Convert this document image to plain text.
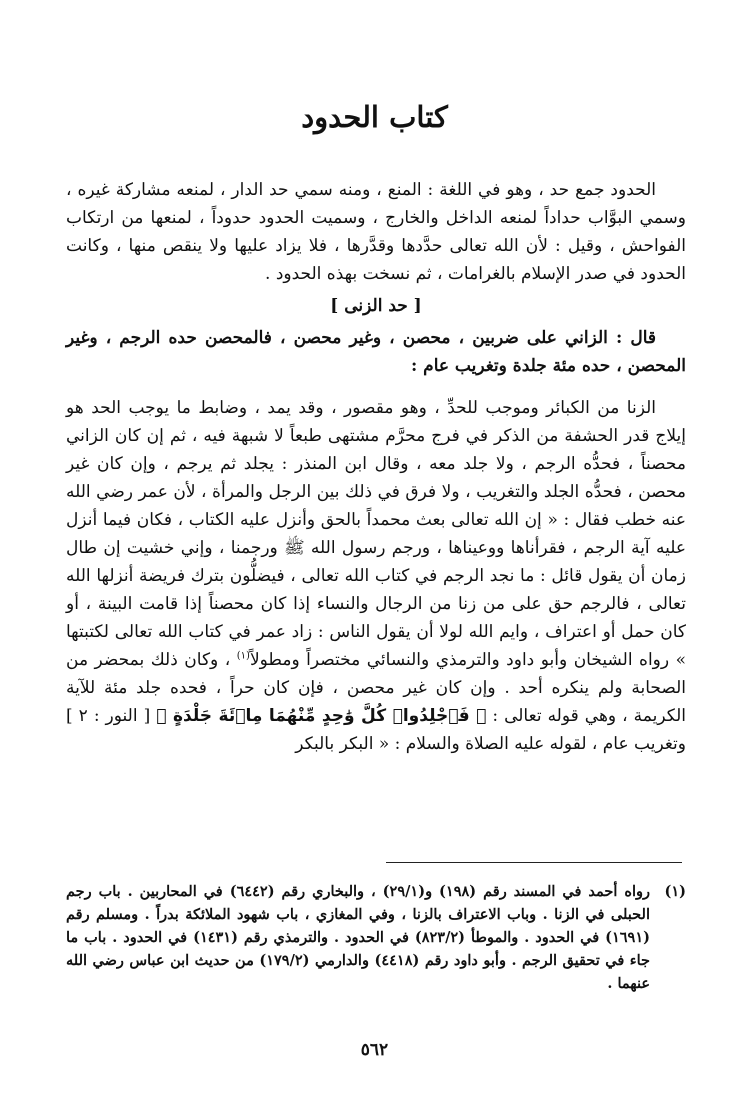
كتاب الحدود

الحدود جمع حد ، وهو في اللغة : المنع ، ومنه سمي حد الدار ، لمنعه مشاركة غيره ، وسمي البوَّاب حداداً لمنعه الداخل والخارج ، وسميت الحدود حدوداً ، لمنعها من ارتكاب الفواحش ، وقيل : لأن الله تعالى حدَّدها وقدَّرها ، فلا يزاد عليها ولا ينقص منها ، وكانت الحدود في صدر الإسلام بالغرامات ، ثم نسخت بهذه الحدود .

[ حد الزنى ]

قال : الزاني على ضربين ، محصن ، وغير محصن ، فالمحصن حده الرجم ، وغير المحصن ، حده مئة جلدة وتغريب عام :

الزنا من الكبائر وموجب للحدِّ ، وهو مقصور ، وقد يمد ، وضابط ما يوجب الحد هو إيلاج قدر الحشفة من الذكر في فرج محرَّم مشتهى طبعاً لا شبهة فيه ، ثم إن كان الزاني محصناً ، فحدُّه الرجم ، ولا جلد معه ، وقال ابن المنذر : يجلد ثم يرجم ، وإن كان غير محصن ، فحدُّه الجلد والتغريب ، ولا فرق في ذلك بين الرجل والمرأة ، لأن عمر رضي الله عنه خطب فقال : « إن الله تعالى بعث محمداً بالحق وأنزل عليه الكتاب ، فكان فيما أنزل عليه آية الرجم ، فقرأناها ووعيناها ، ورجم رسول الله ﷺ ورجمنا ، وإني خشيت إن طال زمان أن يقول قائل : ما نجد الرجم في كتاب الله تعالى ، فيضلُّون بترك فريضة أنزلها الله تعالى ، فالرجم حق على من زنا من الرجال والنساء إذا كان محصناً إذا قامت البينة ، أو كان حمل أو اعتراف ، وايم الله لولا أن يقول الناس : زاد عمر في كتاب الله تعالى لكتبتها » رواه الشيخان وأبو داود والترمذي والنسائي مختصراً ومطولاً$^{(١)}$ ، وكان ذلك بمحضر من الصحابة ولم ينكره أحد . وإن كان غير محصن ، فإن كان حراً ، فحده جلد مئة للآية الكريمة ، وهي قوله تعالى : ﴿ فَٱجْلِدُوا۟ كُلَّ وَٰحِدٍ مِّنْهُمَا مِا۟ئَةَ جَلْدَةٍ ﴾ [ النور : ٢ ] وتغريب عام ، لقوله عليه الصلاة والسلام : « البكر بالبكر

(١)
رواه أحمد في المسند رقم (١٩٨) و(٢٩/١) ، والبخاري رقم (٦٤٤٢) في المحاربين . باب رجم الحبلى في الزنا . وباب الاعتراف بالزنا ، وفي المغازي ، باب شهود الملائكة بدراً . ومسلم رقم (١٦٩١) في الحدود . والموطأ (٨٢٣/٢) في الحدود . والترمذي رقم (١٤٣١) في الحدود . باب ما جاء في تحقيق الرجم . وأبو داود رقم (٤٤١٨) والدارمي (١٧٩/٢) من حديث ابن عباس رضي الله عنهما .
٥٦٢
